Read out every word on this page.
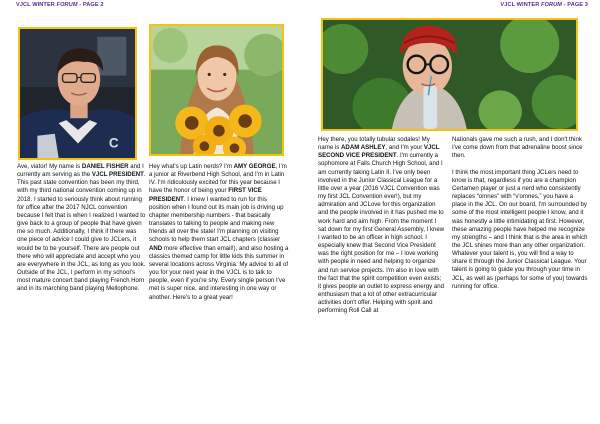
VJCL WINTER FORUM - PAGE 2	VJCL WINTER FORUM - PAGE 3
C

Ave, viator! My name is DANIEL FISHER and I currently am serving as the VJCL PRESIDENT. This past state convention has been my third, with my third national convention coming up in 2018. I started to seriously think about running for office after the 2017 NJCL convention because I felt that is when I realized I wanted to give back to a group of people that have given me so much. Additionally, I think if there was one piece of advice I could give to JCLers, it would be to be yourself. There are people out there who will appreciate and accept who you are everywhere in the JCL, as long as you look. Outside of the JCL, I perform in my school's most mature concert band playing French Horn and in its marching band playing Mellophone.

Hey what's up Latin nerds? I'm AMY GEORGE, I'm a junior at Riverbend High School, and I'm in Latin IV. I'm ridiculously excited for this year because I have the honor of being your FIRST VICE PRESIDENT. I knew I wanted to run for this position when I found out its main job is driving up chapter membership numbers - that basically translates to talking to people and making new friends all over the state! I'm planning on visiting schools to help them start JCL chapters (classier AND more effective than email!), and also hosting a classics themed camp for little kids this summer in several locations across Virginia. My advice to all of you for your next year in the VJCL is to talk to people, even if you're shy. Every single person I've met is super nice, and interesting in one way or another. Here's to a great year!

Hey there, you totally tubular sodales! My name is ADAM ASHLEY, and I'm your VJCL SECOND VICE PRESIDENT. I'm currently a sophomore at Falls Church High School, and I am currently taking Latin II. I've only been involved in the Junior Classical League for a little over a year (2016 VJCL Convention was my first JCL Convention ever!), but my admiration and JCLove for this organization and the people involved in it has pushed me to work hard and aim high. From the moment I sat down for my first General Assembly, I knew I wanted to be an officer in high school. I especially knew that Second Vice President was the right position for me – I love working with people in need and helping to organize and run service projects. I'm also in love with the fact that the spirit competition even exists; it gives people an outlet to express energy and enthusiasm that a lot of other extracurricular activities don't offer. Helping with spirit and performing Roll Call at

Nationals gave me such a rush, and I don't think I've come down from that adrenaline boost since then.

I think the most important thing JCLers need to know is that, regardless if you are a champion Certamen player or just a nerd who consistently replaces “omnes” with “v'omnes,” you have a place in the JCL. On our board, I'm surrounded by some of the most intelligent people I know, and it was honestly a little intimidating at first. However, these amazing people have helped me recognize my strengths – and I think that is the area in which the JCL shines more than any other organization. Whatever your talent is, you will find a way to share it through the Junior Classical League. Your talent is going to guide you through your time in JCL, as well as (perhaps for some of you) towards running for office.
